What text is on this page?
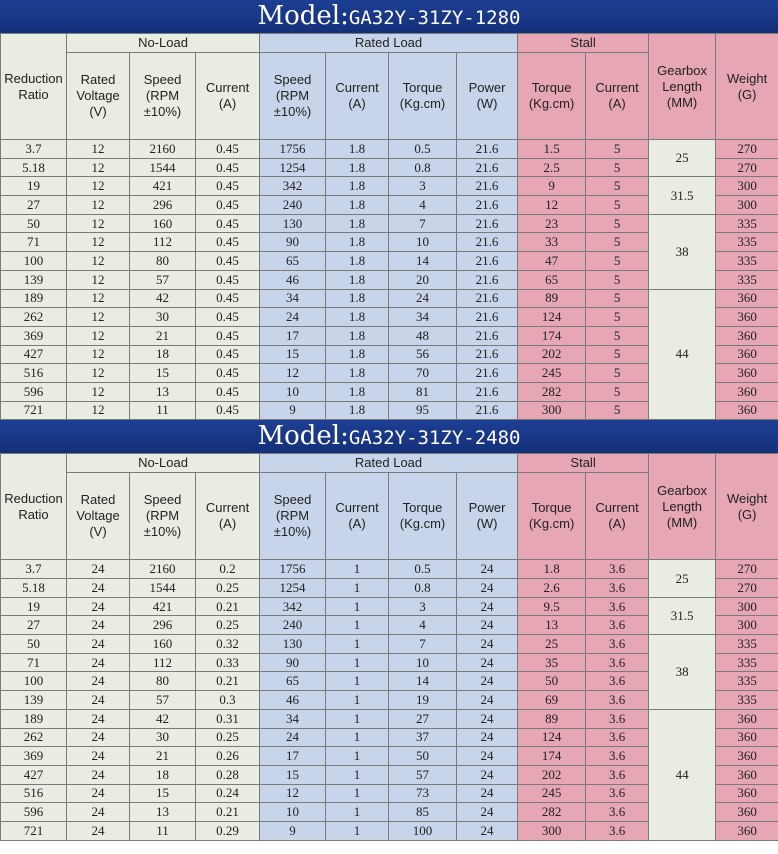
Model:GA32Y-31ZY-1280
Reduction Ratio	No-Load			Rated Load				Stall		Gearbox Length (MM)	Weight (G)
	Rated Voltage (V)	Speed (RPM ±10%)	Current (A)	Speed (RPM ±10%)	Current (A)	Torque (Kg.cm)	Power (W)	Torque (Kg.cm)	Current (A)		
3.7	12	2160	0.45	1756	1.8	0.5	21.6	1.5	5	25	270
5.18	12	1544	0.45	1254	1.8	0.8	21.6	2.5	5		270
19	12	421	0.45	342	1.8	3	21.6	9	5	31.5	300
27	12	296	0.45	240	1.8	4	21.6	12	5		300
50	12	160	0.45	130	1.8	7	21.6	23	5	38	335
71	12	112	0.45	90	1.8	10	21.6	33	5		335
100	12	80	0.45	65	1.8	14	21.6	47	5		335
139	12	57	0.45	46	1.8	20	21.6	65	5		335
189	12	42	0.45	34	1.8	24	21.6	89	5	44	360
262	12	30	0.45	24	1.8	34	21.6	124	5		360
369	12	21	0.45	17	1.8	48	21.6	174	5		360
427	12	18	0.45	15	1.8	56	21.6	202	5		360
516	12	15	0.45	12	1.8	70	21.6	245	5		360
596	12	13	0.45	10	1.8	81	21.6	282	5		360
721	12	11	0.45	9	1.8	95	21.6	300	5		360
Model:GA32Y-31ZY-2480
Reduction Ratio	No-Load			Rated Load				Stall		Gearbox Length (MM)	Weight (G)
	Rated Voltage (V)	Speed (RPM ±10%)	Current (A)	Speed (RPM ±10%)	Current (A)	Torque (Kg.cm)	Power (W)	Torque (Kg.cm)	Current (A)		
3.7	24	2160	0.2	1756	1	0.5	24	1.8	3.6	25	270
5.18	24	1544	0.25	1254	1	0.8	24	2.6	3.6		270
19	24	421	0.21	342	1	3	24	9.5	3.6	31.5	300
27	24	296	0.25	240	1	4	24	13	3.6		300
50	24	160	0.32	130	1	7	24	25	3.6	38	335
71	24	112	0.33	90	1	10	24	35	3.6		335
100	24	80	0.21	65	1	14	24	50	3.6		335
139	24	57	0.3	46	1	19	24	69	3.6		335
189	24	42	0.31	34	1	27	24	89	3.6	44	360
262	24	30	0.25	24	1	37	24	124	3.6		360
369	24	21	0.26	17	1	50	24	174	3.6		360
427	24	18	0.28	15	1	57	24	202	3.6		360
516	24	15	0.24	12	1	73	24	245	3.6		360
596	24	13	0.21	10	1	85	24	282	3.6		360
721	24	11	0.29	9	1	100	24	300	3.6		360
